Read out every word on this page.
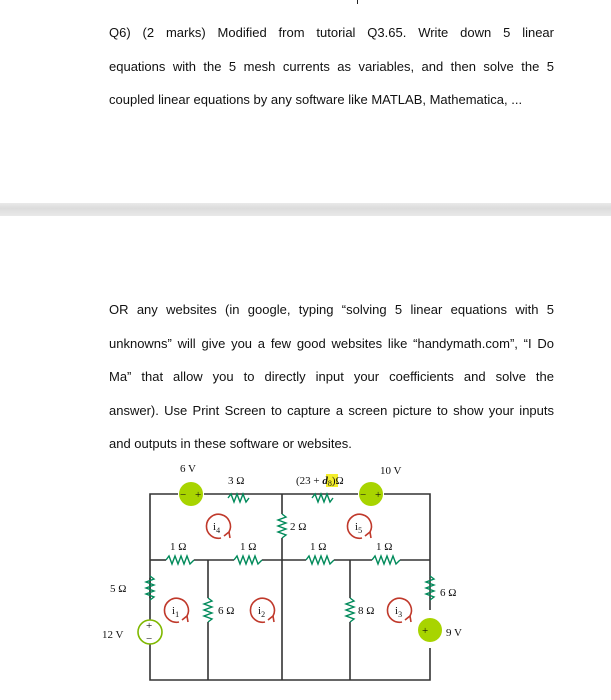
Q6) (2 marks) Modified from tutorial Q3.65. Write down 5 linear
equations with the 5 mesh currents as variables, and then solve the 5
coupled linear equations by any software like MATLAB, Mathematica, ...
OR any websites (in google, typing “solving 5 linear equations with 5
unknowns” will give you a few good websites like “handymath.com”, “I Do
Ma” that allow you to directly input your coefficients and solve the
answer). Use Print Screen to capture a screen picture to show your inputs
and outputs in these software or websites.
− +	− +
+
−
+
$i_4$	$i_5$
$i_1$	$i_2$	$i_3$
6 V	10 V
3 Ω	(23 + d8)Ω
2 Ω
1 Ω	1 Ω	1 Ω	1 Ω
5 Ω
12 V
6 Ω	8 Ω
6 Ω
9 V
